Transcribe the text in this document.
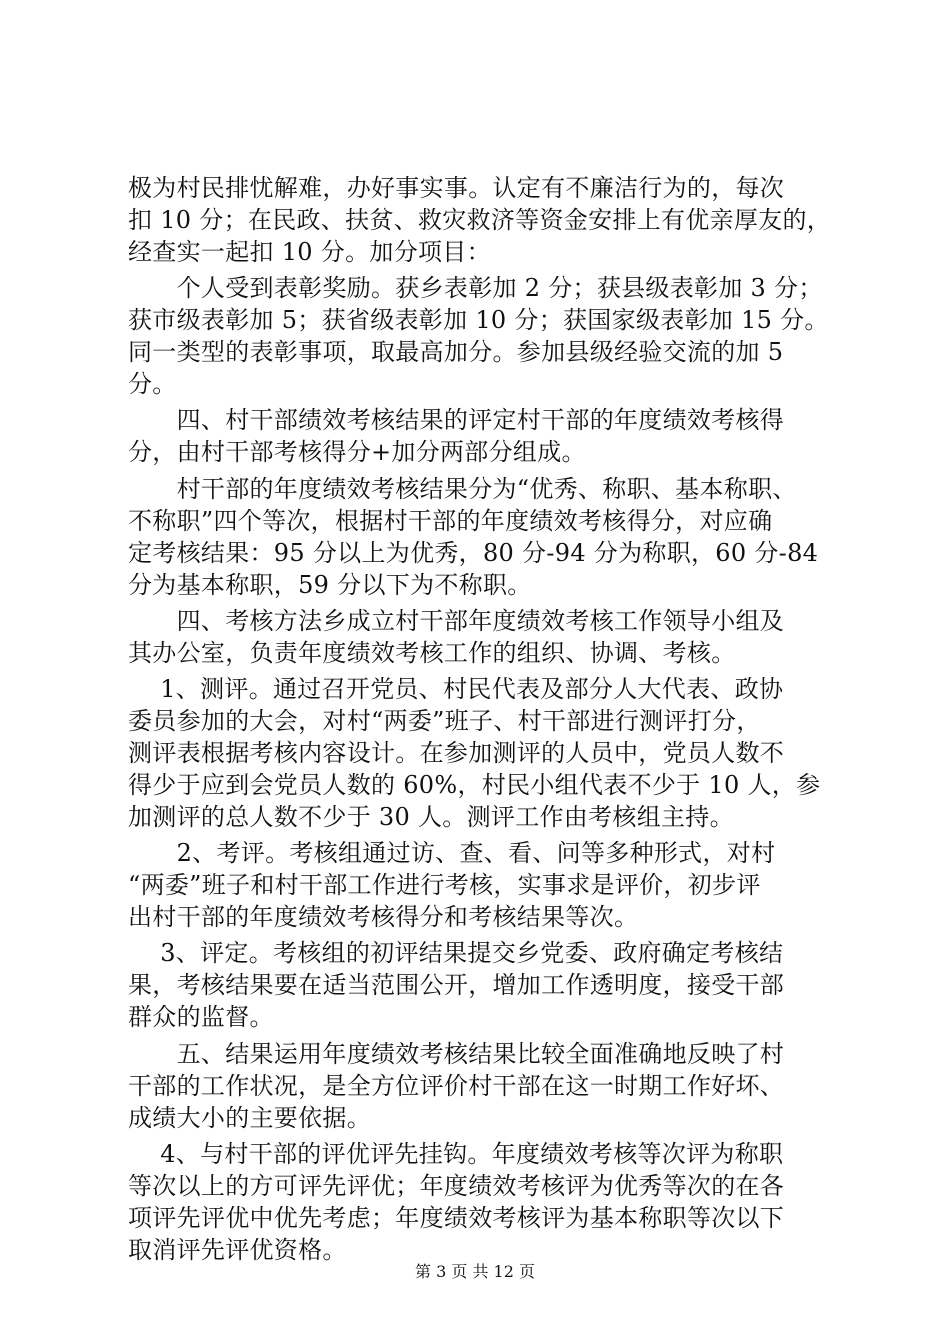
极为村民排忧解难，办好事实事。认定有不廉洁行为的，每次
扣 10 分；在民政、扶贫、救灾救济等资金安排上有优亲厚友的，
经查实一起扣 10 分。加分项目：
　　个人受到表彰奖励。获乡表彰加 2 分；获县级表彰加 3 分；
获市级表彰加 5；获省级表彰加 10 分；获国家级表彰加 15 分。
同一类型的表彰事项，取最高加分。参加县级经验交流的加 5
分。
　　四、村干部绩效考核结果的评定村干部的年度绩效考核得
分，由村干部考核得分+加分两部分组成。
　　村干部的年度绩效考核结果分为“优秀、称职、基本称职、
不称职”四个等次，根据村干部的年度绩效考核得分，对应确
定考核结果：95 分以上为优秀，80 分-94 分为称职，60 分-84
分为基本称职，59 分以下为不称职。
　　四、考核方法乡成立村干部年度绩效考核工作领导小组及
其办公室，负责年度绩效考核工作的组织、协调、考核。
　 1、测评。通过召开党员、村民代表及部分人大代表、政协
委员参加的大会，对村“两委”班子、村干部进行测评打分，
测评表根据考核内容设计。在参加测评的人员中，党员人数不
得少于应到会党员人数的 60%，村民小组代表不少于 10 人，参
加测评的总人数不少于 30 人。测评工作由考核组主持。
　　2、考评。考核组通过访、查、看、问等多种形式，对村
“两委”班子和村干部工作进行考核，实事求是评价，初步评
出村干部的年度绩效考核得分和考核结果等次。
　 3、评定。考核组的初评结果提交乡党委、政府确定考核结
果，考核结果要在适当范围公开，增加工作透明度，接受干部
群众的监督。
　　五、结果运用年度绩效考核结果比较全面准确地反映了村
干部的工作状况，是全方位评价村干部在这一时期工作好坏、
成绩大小的主要依据。
　 4、与村干部的评优评先挂钩。年度绩效考核等次评为称职
等次以上的方可评先评优；年度绩效考核评为优秀等次的在各
项评先评优中优先考虑；年度绩效考核评为基本称职等次以下
取消评先评优资格。
第 3 页 共 12 页
